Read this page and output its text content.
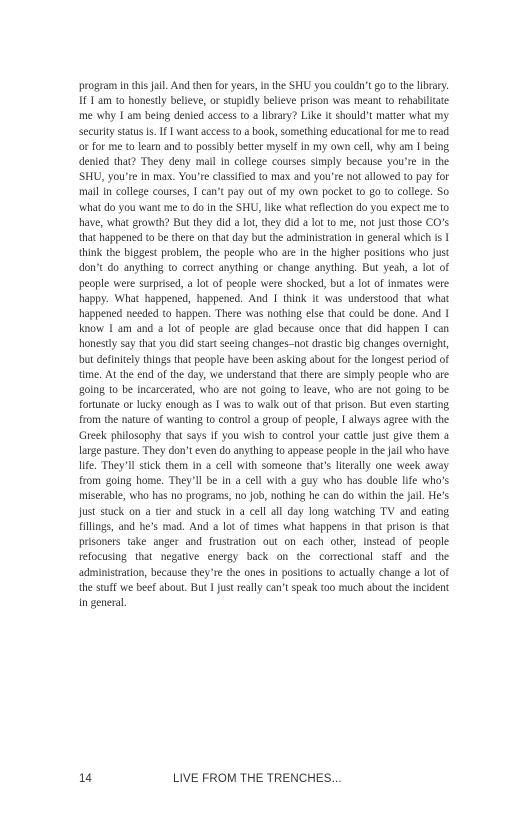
program in this jail. And then for years, in the SHU you couldn’t go to the library. If I am to honestly believe, or stupidly believe prison was meant to rehabilitate me why I am being denied access to a library? Like it should’t matter what my security status is. If I want access to a book, something educational for me to read or for me to learn and to possibly better myself in my own cell, why am I being denied that? They deny mail in college courses simply because you’re in the SHU, you’re in max. You’re classified to max and you’re not allowed to pay for mail in college courses, I can’t pay out of my own pocket to go to college. So what do you want me to do in the SHU, like what reflection do you expect me to have, what growth? But they did a lot, they did a lot to me, not just those CO’s that happened to be there on that day but the administration in general which is I think the biggest problem, the people who are in the higher positions who just don’t do anything to correct anything or change anything. But yeah, a lot of people were surprised, a lot of people were shocked, but a lot of inmates were happy. What happened, happened. And I think it was understood that what happened needed to happen. There was nothing else that could be done. And I know I am and a lot of people are glad because once that did happen I can honestly say that you did start seeing changes–not drastic big changes overnight, but definitely things that people have been asking about for the longest period of time. At the end of the day, we understand that there are simply people who are going to be incarcerated, who are not going to leave, who are not going to be fortunate or lucky enough as I was to walk out of that prison. But even starting from the nature of wanting to control a group of people, I always agree with the Greek philosophy that says if you wish to control your cattle just give them a large pasture. They don’t even do anything to appease people in the jail who have life. They’ll stick them in a cell with someone that’s literally one week away from going home. They’ll be in a cell with a guy who has double life who’s miserable, who has no programs, no job, nothing he can do within the jail. He’s just stuck on a tier and stuck in a cell all day long watching TV and eating fillings, and he’s mad. And a lot of times what happens in that prison is that prisoners take anger and frustration out on each other, instead of people refocusing that negative energy back on the correctional staff and the administration, because they’re the ones in positions to actually change a lot of the stuff we beef about. But I just really can’t speak too much about the incident in general.

14	LIVE FROM THE TRENCHES...
